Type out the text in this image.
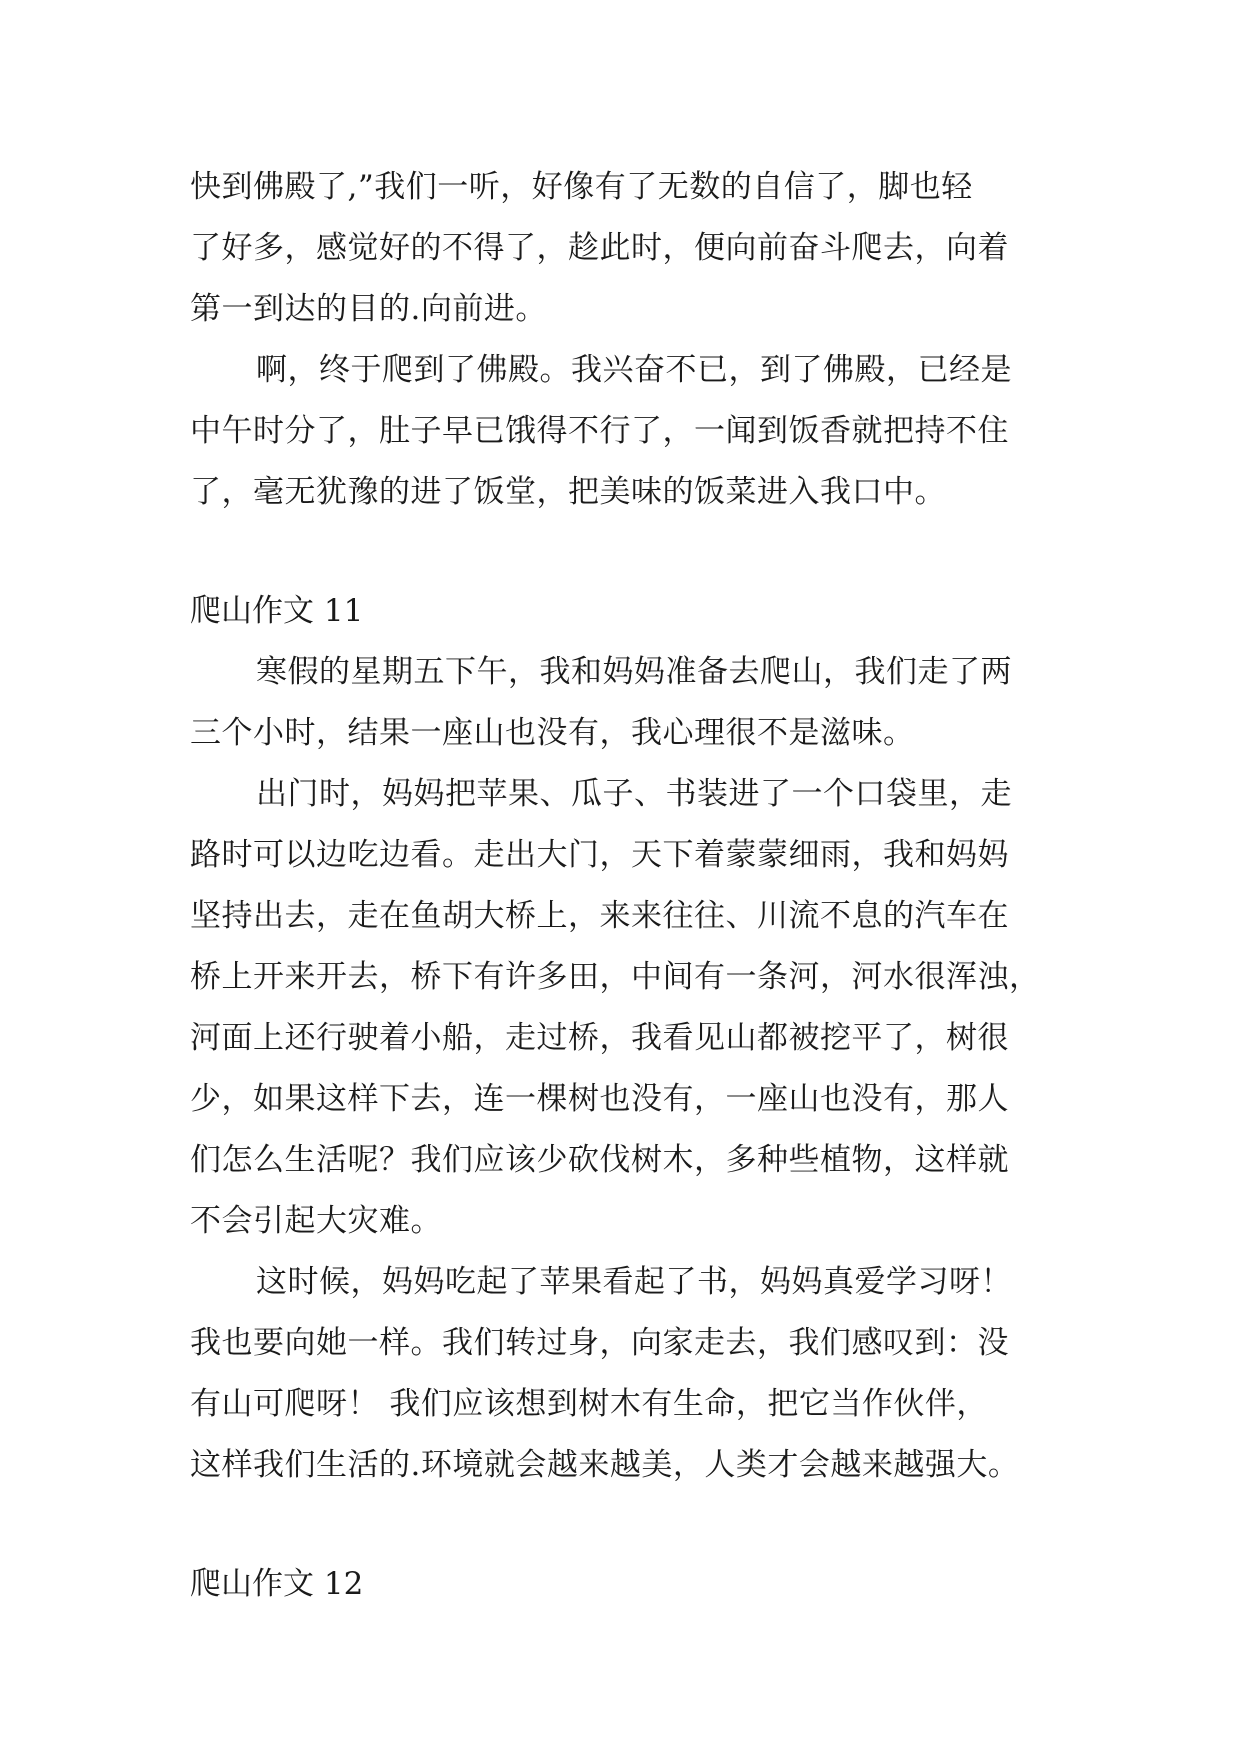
快到佛殿了,”我们一听，好像有了无数的自信了，脚也轻
了好多，感觉好的不得了，趁此时，便向前奋斗爬去，向着
第一到达的目的.向前进。
啊，终于爬到了佛殿。我兴奋不已，到了佛殿，已经是
中午时分了，肚子早已饿得不行了，一闻到饭香就把持不住
了，毫无犹豫的进了饭堂，把美味的饭菜进入我口中。
爬山作文 11
寒假的星期五下午，我和妈妈准备去爬山，我们走了两
三个小时，结果一座山也没有，我心理很不是滋味。
出门时，妈妈把苹果、瓜子、书装进了一个口袋里，走
路时可以边吃边看。走出大门，天下着蒙蒙细雨，我和妈妈
坚持出去，走在鱼胡大桥上，来来往往、川流不息的汽车在
桥上开来开去，桥下有许多田，中间有一条河，河水很浑浊，
河面上还行驶着小船，走过桥，我看见山都被挖平了，树很
少，如果这样下去，连一棵树也没有，一座山也没有，那人
们怎么生活呢？我们应该少砍伐树木，多种些植物，这样就
不会引起大灾难。
这时候，妈妈吃起了苹果看起了书，妈妈真爱学习呀！
我也要向她一样。我们转过身，向家走去，我们感叹到：没
有山可爬呀！ 我们应该想到树木有生命，把它当作伙伴，
这样我们生活的.环境就会越来越美，人类才会越来越强大。
爬山作文 12
